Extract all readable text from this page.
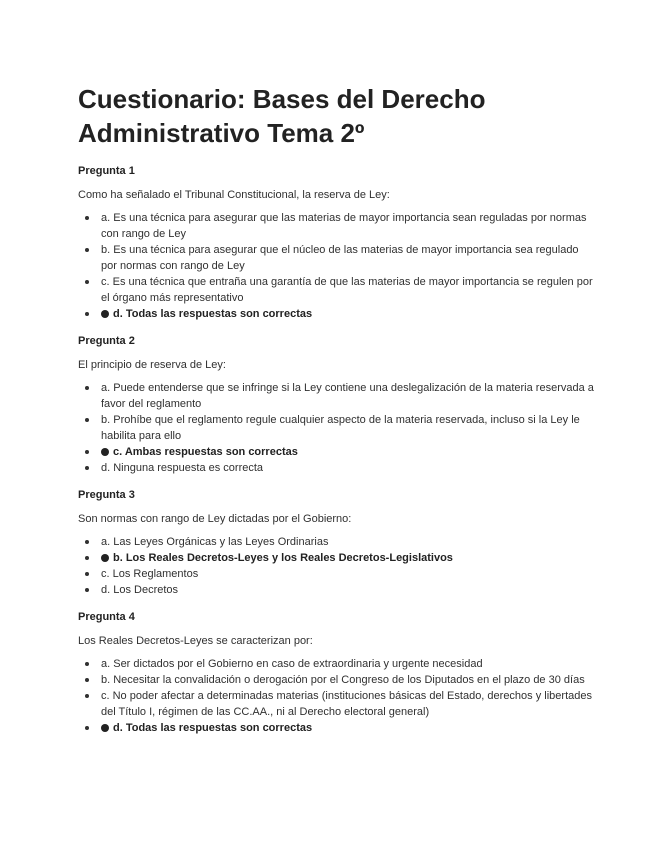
Cuestionario: Bases del Derecho Administrativo Tema 2º
Pregunta 1
Como ha señalado el Tribunal Constitucional, la reserva de Ley:
a. Es una técnica para asegurar que las materias de mayor importancia sean reguladas por normas con rango de Ley
b. Es una técnica para asegurar que el núcleo de las materias de mayor importancia sea regulado por normas con rango de Ley
c. Es una técnica que entraña una garantía de que las materias de mayor importancia se regulen por el órgano más representativo
d. Todas las respuestas son correctas
Pregunta 2
El principio de reserva de Ley:
a. Puede entenderse que se infringe si la Ley contiene una deslegalización de la materia reservada a favor del reglamento
b. Prohíbe que el reglamento regule cualquier aspecto de la materia reservada, incluso si la Ley le habilita para ello
c. Ambas respuestas son correctas
d. Ninguna respuesta es correcta
Pregunta 3
Son normas con rango de Ley dictadas por el Gobierno:
a. Las Leyes Orgánicas y las Leyes Ordinarias
b. Los Reales Decretos-Leyes y los Reales Decretos-Legislativos
c. Los Reglamentos
d. Los Decretos
Pregunta 4
Los Reales Decretos-Leyes se caracterizan por:
a. Ser dictados por el Gobierno en caso de extraordinaria y urgente necesidad
b. Necesitar la convalidación o derogación por el Congreso de los Diputados en el plazo de 30 días
c. No poder afectar a determinadas materias (instituciones básicas del Estado, derechos y libertades del Título I, régimen de las CC.AA., ni al Derecho electoral general)
d. Todas las respuestas son correctas
